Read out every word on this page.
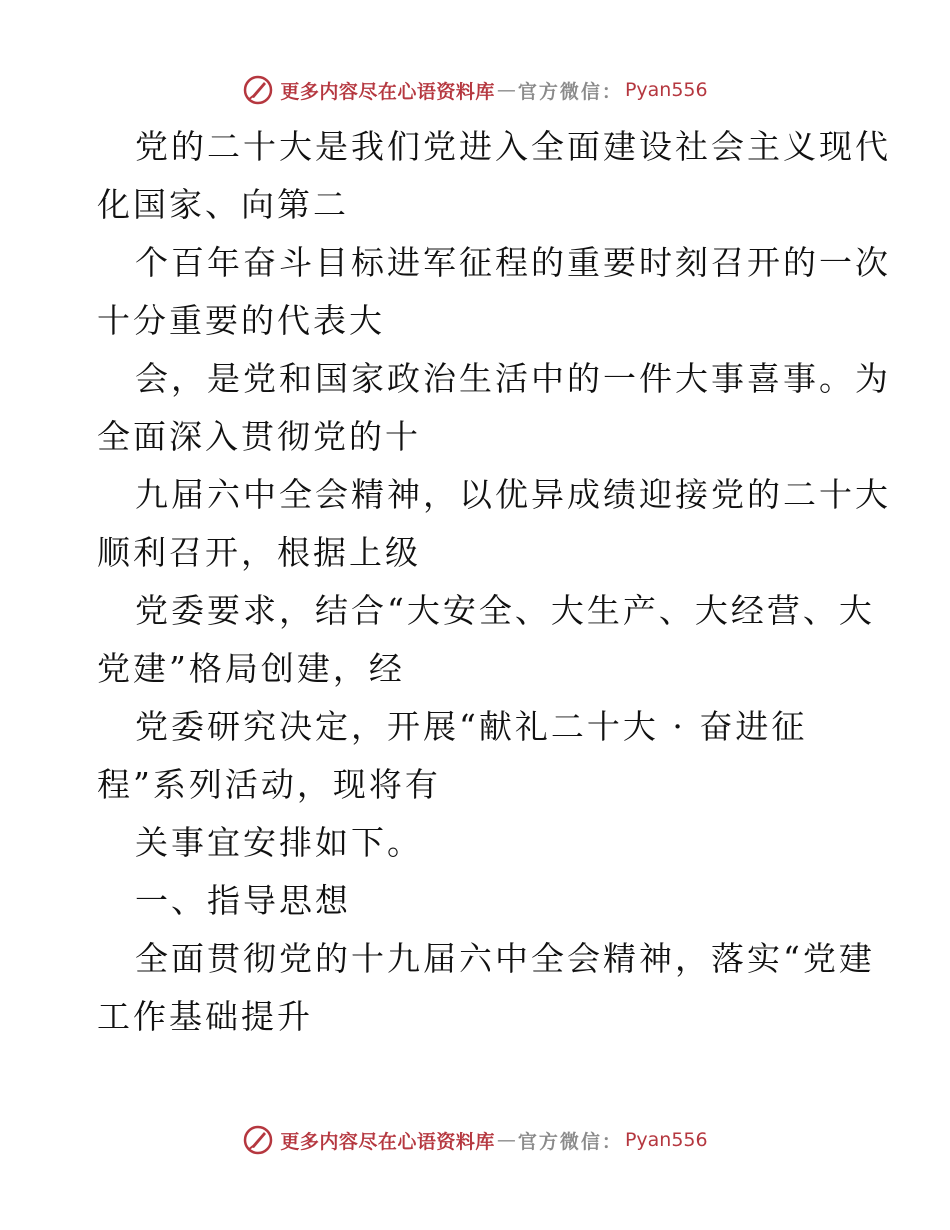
更多内容尽在心语资料库 — 官方微信： Pyan556
党的二十大是我们党进入全面建设社会主义现代
化国家、向第二
个百年奋斗目标进军征程的重要时刻召开的一次
十分重要的代表大
会，是党和国家政治生活中的一件大事喜事。为
全面深入贯彻党的十
九届六中全会精神，以优异成绩迎接党的二十大
顺利召开，根据上级
党委要求，结合“大安全、大生产、大经营、大
党建”格局创建，经
党委研究决定，开展“献礼二十大 · 奋进征
程”系列活动，现将有
关事宜安排如下。
一、指导思想
全面贯彻党的十九届六中全会精神，落实“党建
工作基础提升
更多内容尽在心语资料库 — 官方微信： Pyan556
